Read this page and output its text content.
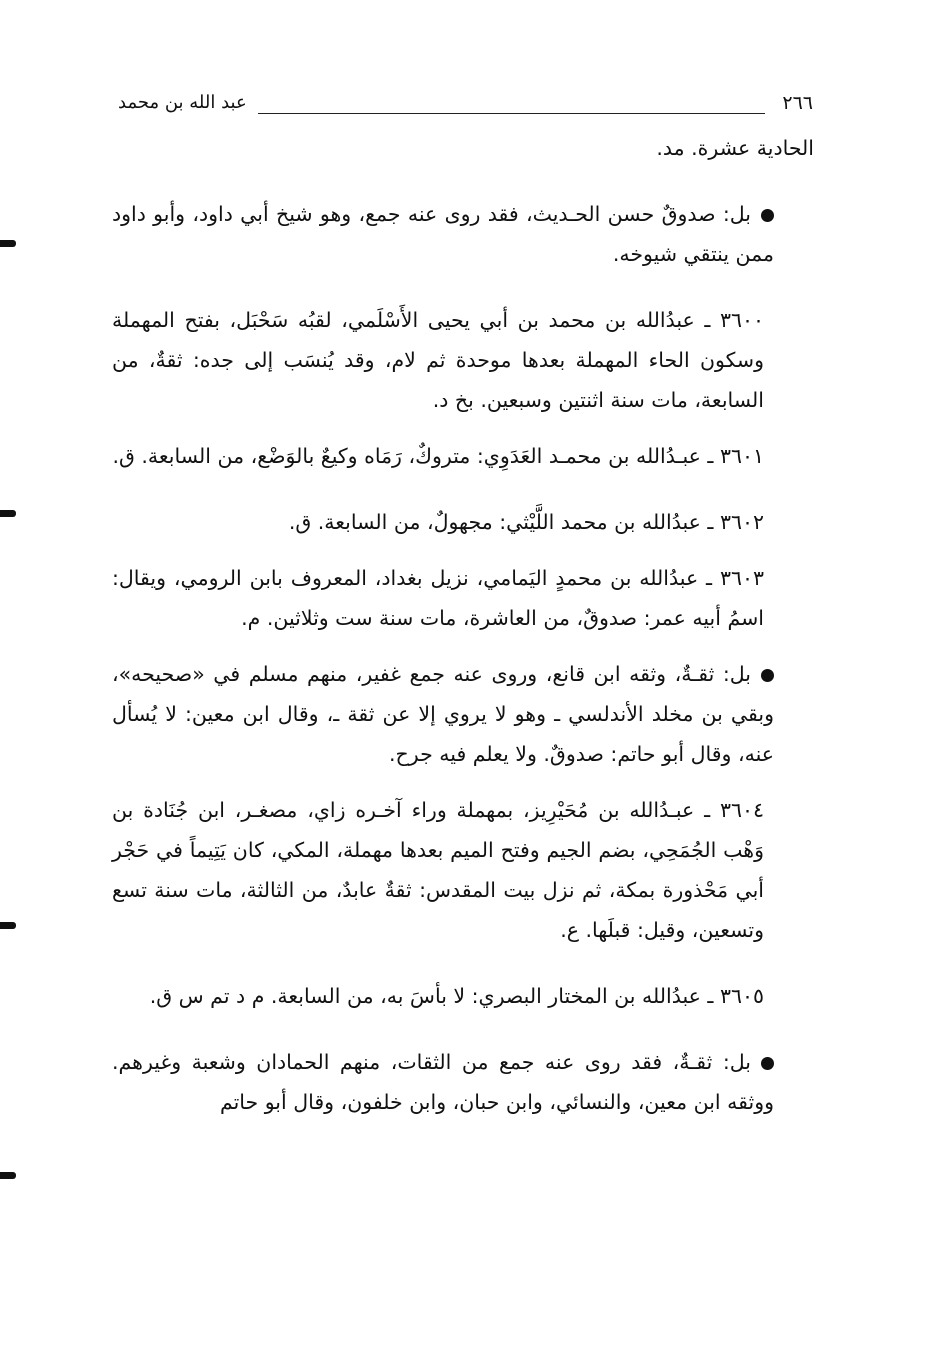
٢٦٦
عبد الله بن محمد

الحادية عشرة. مد.

بل: صدوقٌ حسن الحـديث، فقد روى عنه جمع، وهو شيخ أبي داود، وأبو داود ممن ينتقي شيوخه.

٣٦٠٠ ـ عبدُالله بن محمد بن أبي يحيى الأَسْلَمي، لقبُه سَحْبَل، بفتح المهملة وسكون الحاء المهملة بعدها موحدة ثم لام، وقد يُنسَب إلى جده: ثقةٌ، من السابعة، مات سنة اثنتين وسبعين. بخ د.

٣٦٠١ ـ عبـدُالله بن محمـد العَدَوِي: متروكٌ، رَمَاه وكيعٌ بالوَضْع، من السابعة. ق.

٣٦٠٢ ـ عبدُالله بن محمد اللَّيْثي: مجهولٌ، من السابعة. ق.

٣٦٠٣ ـ عبدُالله بن محمدٍ اليَمامي، نزيل بغداد، المعروف بابن الرومي، ويقال: اسمُ أبيه عمر: صدوقٌ، من العاشرة، مات سنة ست وثلاثين. م.

بل: ثقـةٌ، وثقه ابن قانع، وروى عنه جمع غفير، منهم مسلم في «صحيحه»، وبقي بن مخلد الأندلسي ـ وهو لا يروي إلا عن ثقة ـ، وقال ابن معين: لا يُسأل عنه، وقال أبو حاتم: صدوقٌ. ولا يعلم فيه جرح.

٣٦٠٤ ـ عبـدُالله بن مُحَيْرِيز، بمهملة وراء آخـره زاي، مصغـر، ابن جُنَادة بن وَهْب الجُمَحِي، بضم الجيم وفتح الميم بعدها مهملة، المكي، كان يَتِيماً في حَجْر أبي مَحْذورة بمكة، ثم نزل بيت المقدس: ثقةٌ عابدٌ، من الثالثة، مات سنة تسع وتسعين، وقيل: قبلَها. ع.

٣٦٠٥ ـ عبدُالله بن المختار البصري: لا بأسَ به، من السابعة. م د تم س ق.

بل: ثقـةٌ، فقد روى عنه جمع من الثقات، منهم الحمادان وشعبة وغيرهم. ووثقه ابن معين، والنسائي، وابن حبان، وابن خلفون، وقال أبو حاتم
